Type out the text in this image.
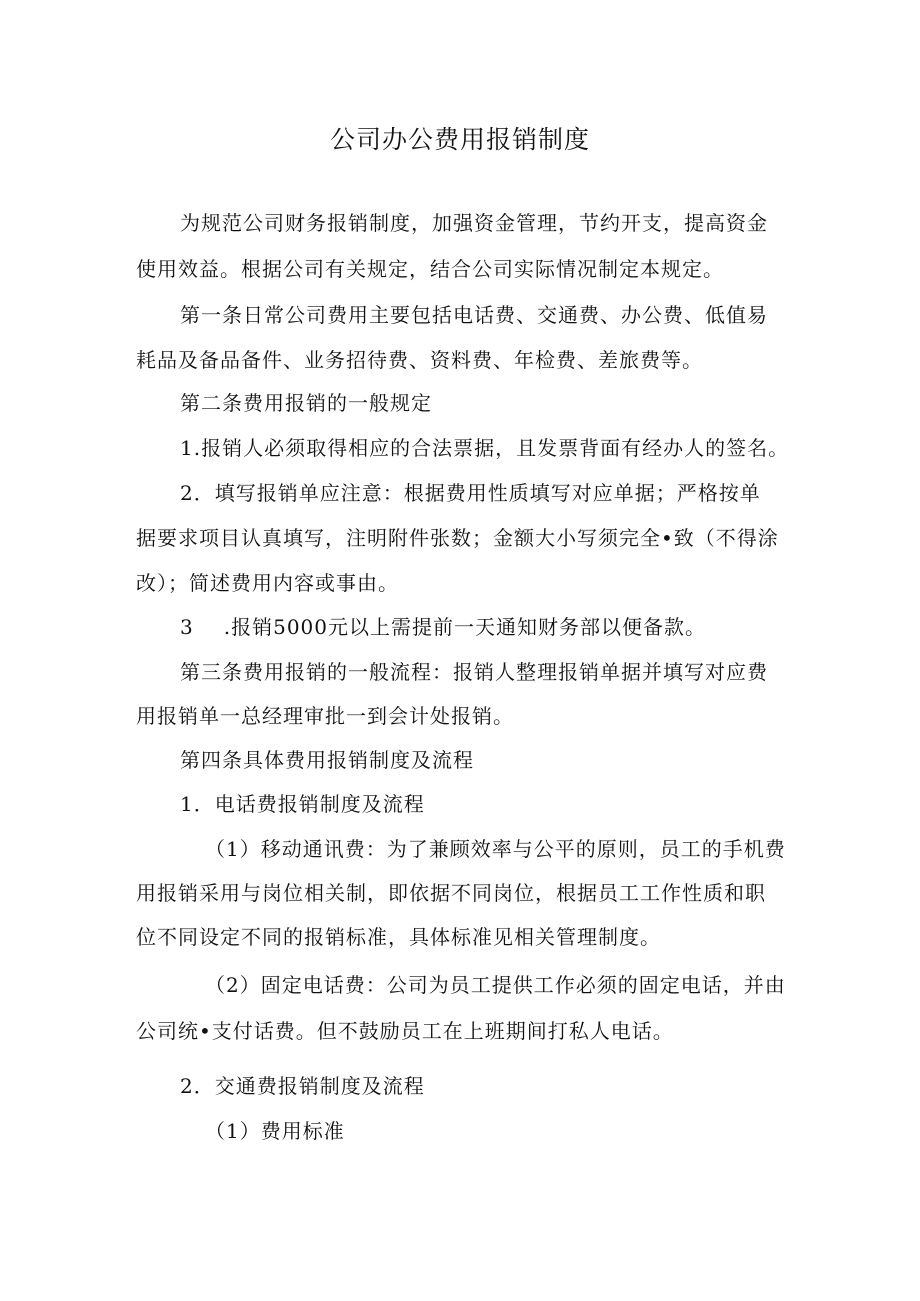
公司办公费用报销制度

为规范公司财务报销制度，加强资金管理，节约开支，提高资金

使用效益。根据公司有关规定，结合公司实际情况制定本规定。

第一条日常公司费用主要包括电话费、交通费、办公费、低值易

耗品及备品备件、业务招待费、资料费、年检费、差旅费等。

第二条费用报销的一般规定

1.报销人必须取得相应的合法票据，且发票背面有经办人的签名。

2．填写报销单应注意：根据费用性质填写对应单据；严格按单

据要求项目认真填写，注明附件张数；金额大小写须完全•致（不得涂

改）；简述费用内容或事由。

3 .报销5000元以上需提前一天通知财务部以便备款。

第三条费用报销的一般流程：报销人整理报销单据并填写对应费

用报销单一总经理审批一到会计处报销。

第四条具体费用报销制度及流程

1．电话费报销制度及流程

（1）移动通讯费：为了兼顾效率与公平的原则，员工的手机费

用报销采用与岗位相关制，即依据不同岗位，根据员工工作性质和职

位不同设定不同的报销标准，具体标准见相关管理制度。

（2）固定电话费：公司为员工提供工作必须的固定电话，并由

公司统•支付话费。但不鼓励员工在上班期间打私人电话。

2．交通费报销制度及流程

（1）费用标准
